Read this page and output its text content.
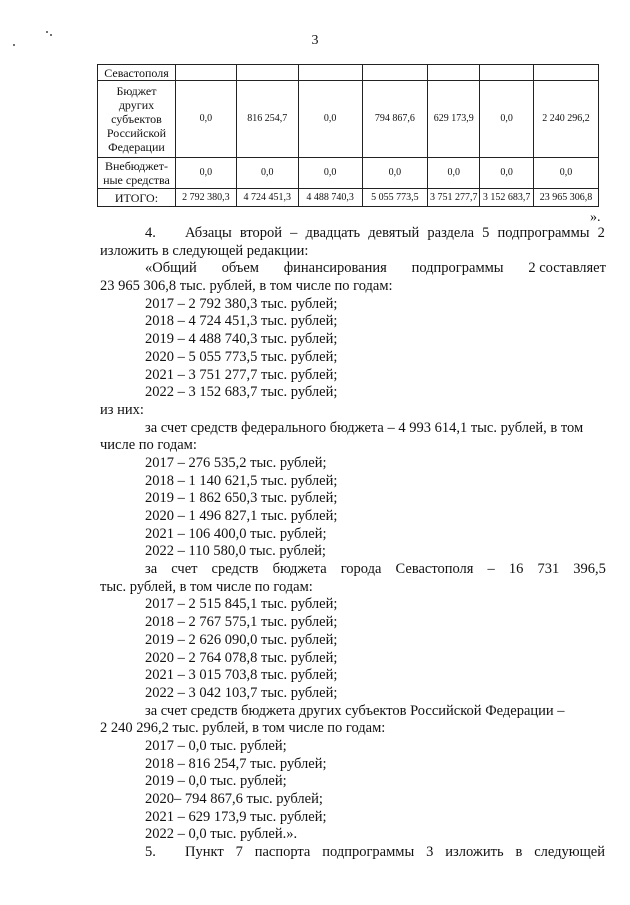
3
Севастополя							
Бюджет других субъектов Российской Федерации	0,0	816 254,7	0,0	794 867,6	629 173,9	0,0	2 240 296,2
Внебюджет-ные средства	0,0	0,0	0,0	0,0	0,0	0,0	0,0
ИТОГО:	2 792 380,3	4 724 451,3	4 488 740,3	5 055 773,5	3 751 277,7	3 152 683,7	23 965 306,8
».
4. Абзацы второй – двадцать девятый раздела 5 подпрограммы 2
изложить в следующей редакции:
«Общий объем финансирования подпрограммы 2 составляет
23 965 306,8 тыс. рублей, в том числе по годам:
2017 – 2 792 380,3 тыс. рублей;
2018 – 4 724 451,3 тыс. рублей;
2019 – 4 488 740,3 тыс. рублей;
2020 – 5 055 773,5 тыс. рублей;
2021 – 3 751 277,7 тыс. рублей;
2022 – 3 152 683,7 тыс. рублей;
из них:
за счет средств федерального бюджета – 4 993 614,1 тыс. рублей, в том
числе по годам:
2017 – 276 535,2 тыс. рублей;
2018 – 1 140 621,5 тыс. рублей;
2019 – 1 862 650,3 тыс. рублей;
2020 – 1 496 827,1 тыс. рублей;
2021 – 106 400,0 тыс. рублей;
2022 – 110 580,0 тыс. рублей;
за счет средств бюджета города Севастополя – 16 731 396,5
тыс. рублей, в том числе по годам:
2017 – 2 515 845,1 тыс. рублей;
2018 – 2 767 575,1 тыс. рублей;
2019 – 2 626 090,0 тыс. рублей;
2020 – 2 764 078,8 тыс. рублей;
2021 – 3 015 703,8 тыс. рублей;
2022 – 3 042 103,7 тыс. рублей;
за счет средств бюджета других субъектов Российской Федерации –
2 240 296,2 тыс. рублей, в том числе по годам:
2017 – 0,0 тыс. рублей;
2018 – 816 254,7 тыс. рублей;
2019 – 0,0 тыс. рублей;
2020– 794 867,6 тыс. рублей;
2021 – 629 173,9 тыс. рублей;
2022 – 0,0 тыс. рублей.».
5. Пункт 7 паспорта подпрограммы 3 изложить в следующей
